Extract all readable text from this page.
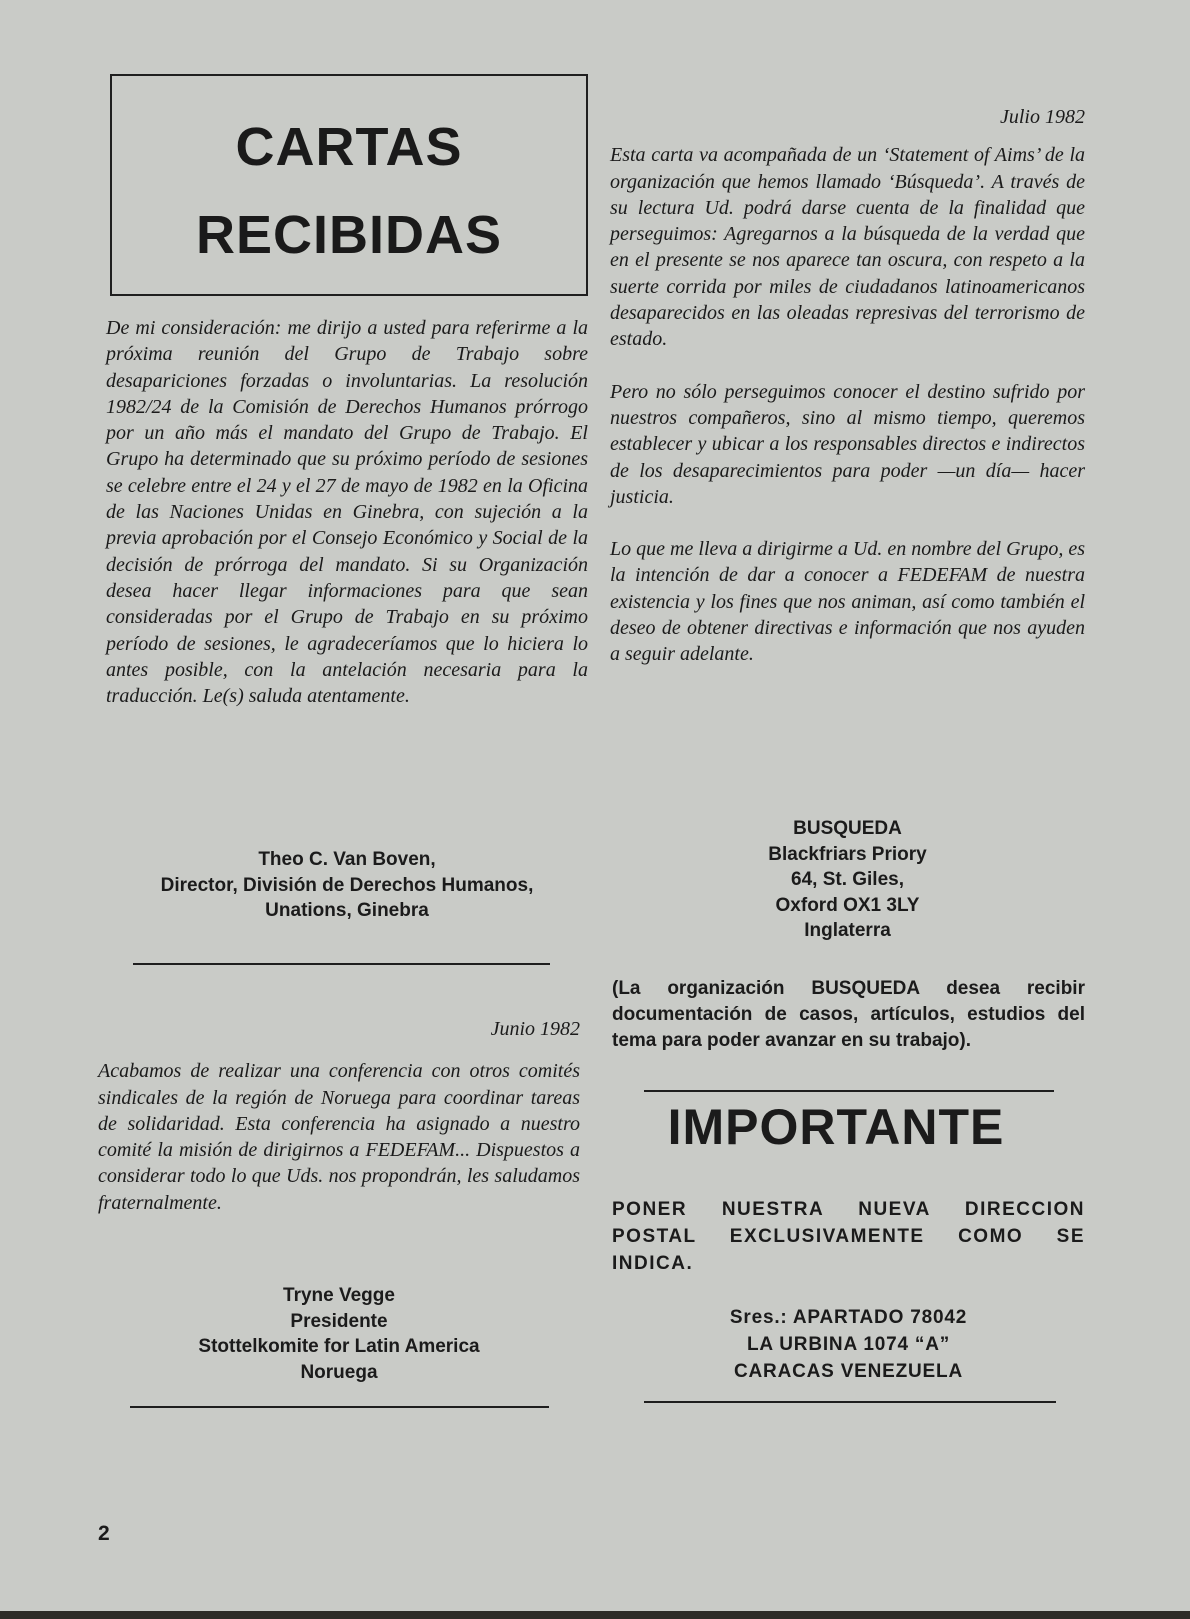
CARTAS
RECIBIDAS

De mi consideración: me dirijo a usted para referirme a la próxima reunión del Grupo de Trabajo sobre desapariciones forzadas o involuntarias. La resolución 1982/24 de la Comisión de Derechos Humanos prórrogo por un año más el mandato del Grupo de Trabajo. El Grupo ha determinado que su próximo período de sesiones se celebre entre el 24 y el 27 de mayo de 1982 en la Oficina de las Naciones Unidas en Ginebra, con sujeción a la previa aprobación por el Consejo Económico y Social de la decisión de prórroga del mandato. Si su Organización desea hacer llegar informaciones para que sean consideradas por el Grupo de Trabajo en su próximo período de sesiones, le agradeceríamos que lo hiciera lo antes posible, con la antelación necesaria para la traducción. Le(s) saluda atentamente.

Theo C. Van Boven,

Director, División de Derechos Humanos,

Unations, Ginebra

Junio 1982

Acabamos de realizar una conferencia con otros comités sindicales de la región de Noruega para coordinar tareas de solidaridad. Esta conferencia ha asignado a nuestro comité la misión de dirigirnos a FEDEFAM... Dispuestos a considerar todo lo que Uds. nos propondrán, les saludamos fraternalmente.

Tryne Vegge

Presidente

Stottelkomite for Latin America

Noruega

Julio 1982

Esta carta va acompañada de un ‘Statement of Aims’ de la organización que hemos llamado ‘Búsqueda’. A través de su lectura Ud. podrá darse cuenta de la finalidad que perseguimos: Agregarnos a la búsqueda de la verdad que en el presente se nos aparece tan oscura, con respeto a la suerte corrida por miles de ciudadanos latinoamericanos desaparecidos en las oleadas represivas del terrorismo de estado.

Pero no sólo perseguimos conocer el destino sufrido por nuestros compañeros, sino al mismo tiempo, queremos establecer y ubicar a los responsables directos e indirectos de los desaparecimientos para poder —un día— hacer justicia.

Lo que me lleva a dirigirme a Ud. en nombre del Grupo, es la intención de dar a conocer a FEDEFAM de nuestra existencia y los fines que nos animan, así como también el deseo de obtener directivas e información que nos ayuden a seguir adelante.

BUSQUEDA

Blackfriars Priory

64, St. Giles,

Oxford OX1 3LY

Inglaterra

(La organización BUSQUEDA desea recibir documentación de casos, artículos, estudios del tema para poder avanzar en su trabajo).

IMPORTANTE

PONER NUESTRA NUEVA DIRECCION POSTAL EXCLUSIVAMENTE COMO SE INDICA.

Sres.: APARTADO 78042

LA URBINA 1074 “A”

CARACAS VENEZUELA

2
